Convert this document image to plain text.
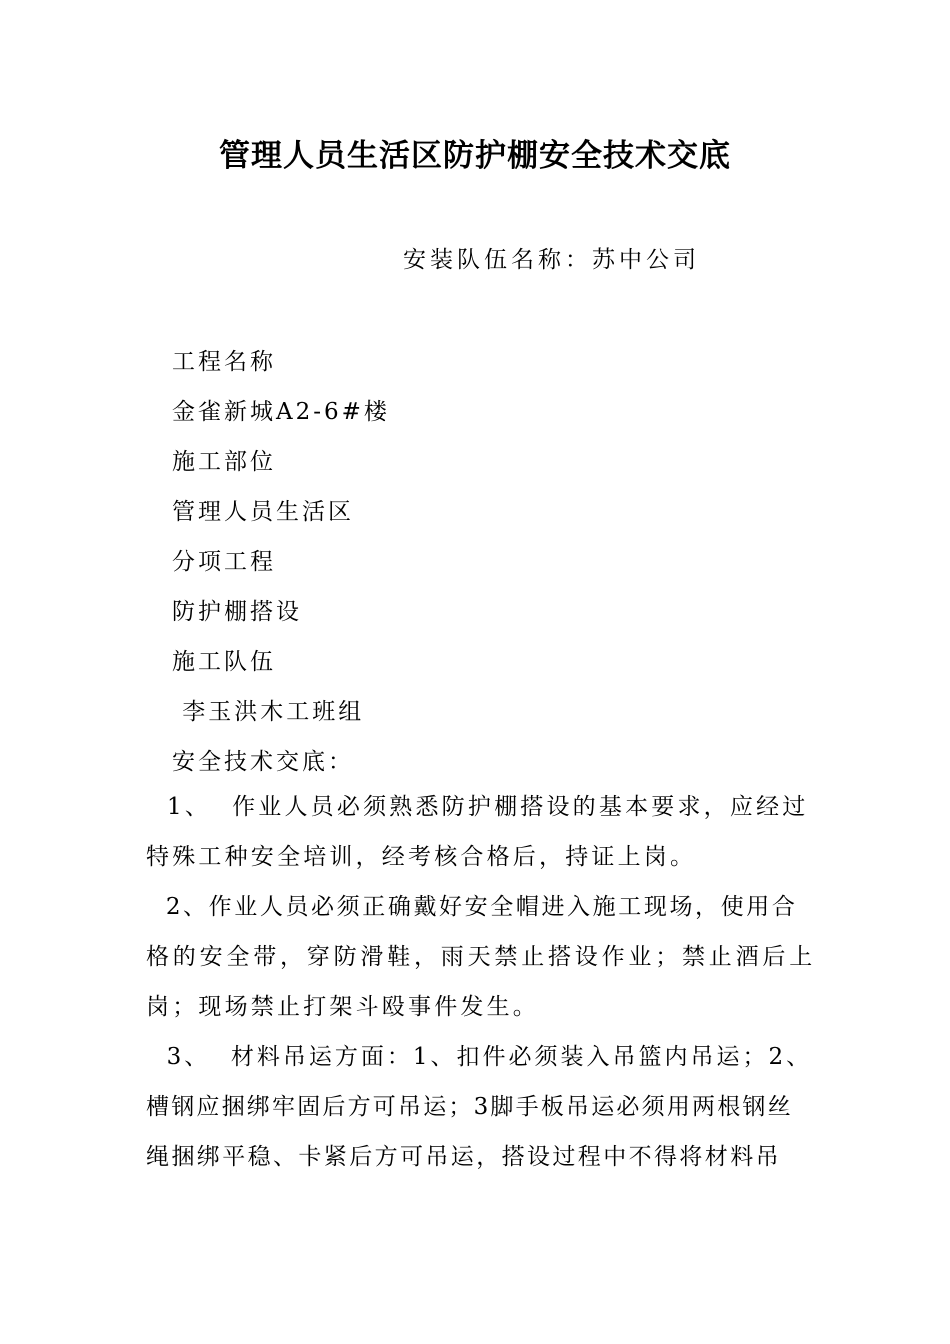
管理人员生活区防护棚安全技术交底
安装队伍名称：苏中公司
工程名称
金雀新城A2-6#楼
施工部位
管理人员生活区
分项工程
防护棚搭设
施工队伍
李玉洪木工班组
安全技术交底：
1、  作业人员必须熟悉防护棚搭设的基本要求，应经过
特殊工种安全培训，经考核合格后，持证上岗。
2、作业人员必须正确戴好安全帽进入施工现场，使用合
格的安全带，穿防滑鞋，雨天禁止搭设作业；禁止酒后上
岗；现场禁止打架斗殴事件发生。
3、  材料吊运方面：1、扣件必须装入吊篮内吊运；2、
槽钢应捆绑牢固后方可吊运；3脚手板吊运必须用两根钢丝
绳捆绑平稳、卡紧后方可吊运，搭设过程中不得将材料吊
